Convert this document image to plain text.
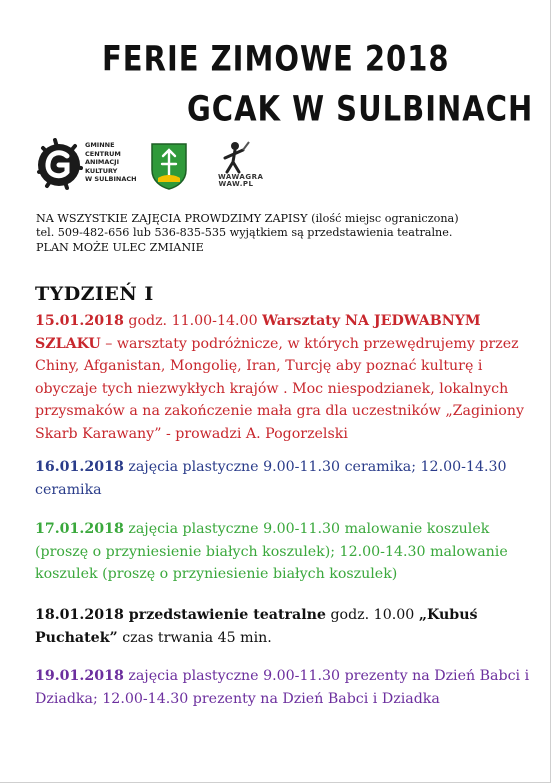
FERIE ZIMOWE 2018
GCAK W SULBINACH
GMINNE
CENTRUM
ANIMACJI
KULTURY
W SULBINACH	WAWAGRA
WAW.PL
NA WSZYSTKIE ZAJĘCIA PROWDZIMY ZAPISY (ilość miejsc ograniczona)
tel. 509-482-656 lub 536-835-535 wyjątkiem są przedstawienia teatralne.
PLAN MOŻE ULEC ZMIANIE
TYDZIEŃ I
15.01.2018 godz. 11.00-14.00 Warsztaty NA JEDWABNYM SZLAKU – warsztaty podróżnicze, w których przewędrujemy przez Chiny, Afganistan, Mongolię, Iran, Turcję aby poznać kulturę i obyczaje tych niezwykłych krajów . Moc niespodzianek, lokalnych przysmaków a na zakończenie mała gra dla uczestników „Zaginiony Skarb Karawany” - prowadzi A. Pogorzelski
16.01.2018 zajęcia plastyczne 9.00-11.30 ceramika; 12.00-14.30 ceramika
17.01.2018 zajęcia plastyczne 9.00-11.30 malowanie koszulek (proszę o przyniesienie białych koszulek); 12.00-14.30 malowanie koszulek (proszę o przyniesienie białych koszulek)
18.01.2018 przedstawienie teatralne godz. 10.00 „Kubuś Puchatek” czas trwania 45 min.
19.01.2018 zajęcia plastyczne 9.00-11.30 prezenty na Dzień Babci i Dziadka; 12.00-14.30 prezenty na Dzień Babci i Dziadka
